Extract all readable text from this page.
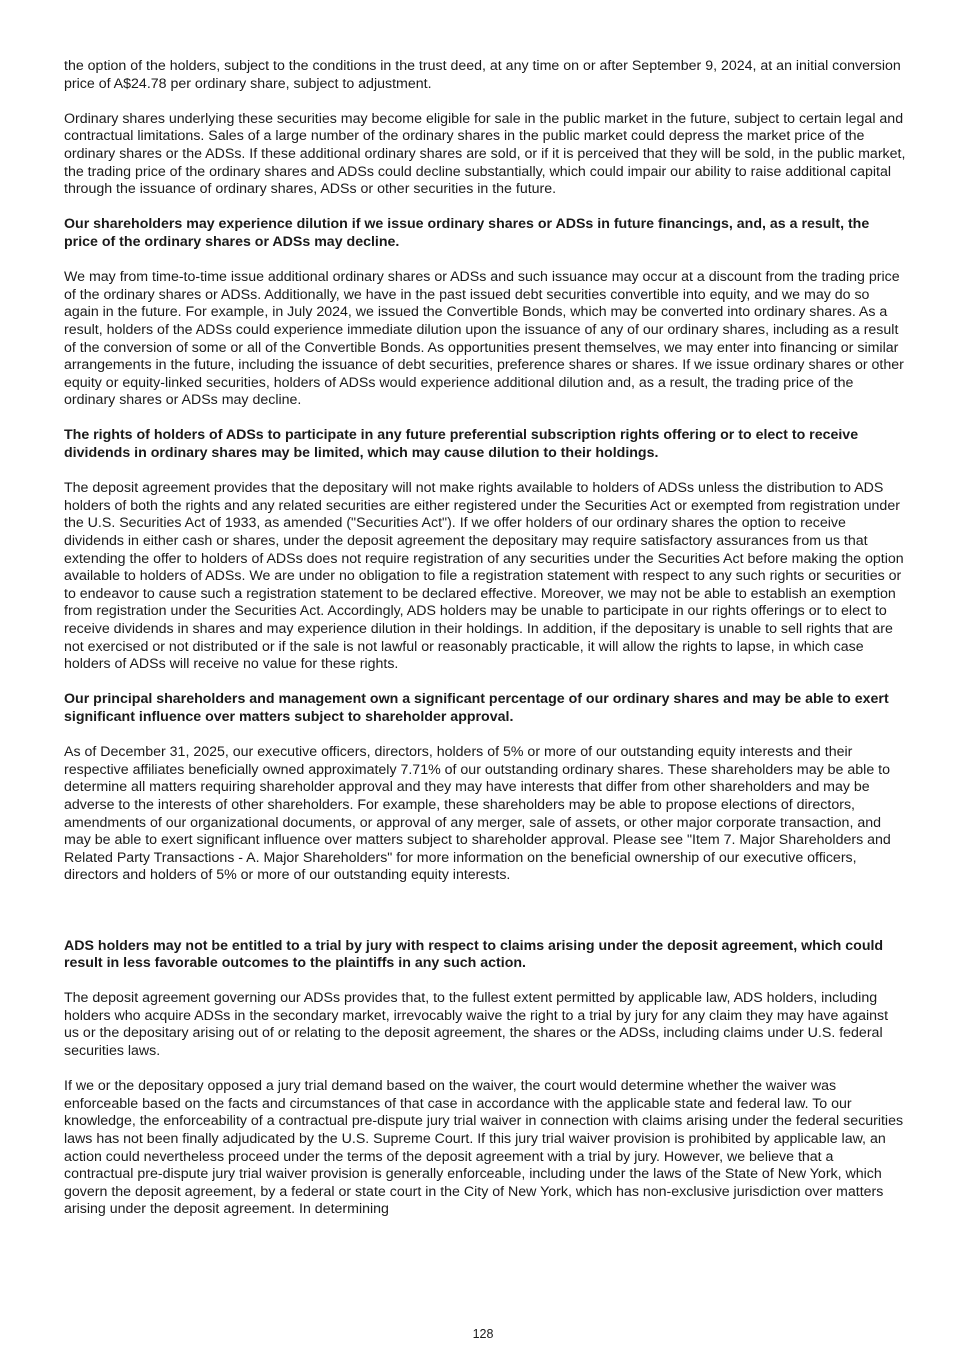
the option of the holders, subject to the conditions in the trust deed, at any time on or after September 9, 2024, at an initial conversion price of A$24.78 per ordinary share, subject to adjustment.

Ordinary shares underlying these securities may become eligible for sale in the public market in the future, subject to certain legal and contractual limitations. Sales of a large number of the ordinary shares in the public market could depress the market price of the ordinary shares or the ADSs. If these additional ordinary shares are sold, or if it is perceived that they will be sold, in the public market, the trading price of the ordinary shares and ADSs could decline substantially, which could impair our ability to raise additional capital through the issuance of ordinary shares, ADSs or other securities in the future.

Our shareholders may experience dilution if we issue ordinary shares or ADSs in future financings, and, as a result, the price of the ordinary shares or ADSs may decline.

We may from time-to-time issue additional ordinary shares or ADSs and such issuance may occur at a discount from the trading price of the ordinary shares or ADSs. Additionally, we have in the past issued debt securities convertible into equity, and we may do so again in the future. For example, in July 2024, we issued the Convertible Bonds, which may be converted into ordinary shares. As a result, holders of the ADSs could experience immediate dilution upon the issuance of any of our ordinary shares, including as a result of the conversion of some or all of the Convertible Bonds. As opportunities present themselves, we may enter into financing or similar arrangements in the future, including the issuance of debt securities, preference shares or shares. If we issue ordinary shares or other equity or equity-linked securities, holders of ADSs would experience additional dilution and, as a result, the trading price of the ordinary shares or ADSs may decline.

The rights of holders of ADSs to participate in any future preferential subscription rights offering or to elect to receive dividends in ordinary shares may be limited, which may cause dilution to their holdings.

The deposit agreement provides that the depositary will not make rights available to holders of ADSs unless the distribution to ADS holders of both the rights and any related securities are either registered under the Securities Act or exempted from registration under the U.S. Securities Act of 1933, as amended ("Securities Act"). If we offer holders of our ordinary shares the option to receive dividends in either cash or shares, under the deposit agreement the depositary may require satisfactory assurances from us that extending the offer to holders of ADSs does not require registration of any securities under the Securities Act before making the option available to holders of ADSs. We are under no obligation to file a registration statement with respect to any such rights or securities or to endeavor to cause such a registration statement to be declared effective. Moreover, we may not be able to establish an exemption from registration under the Securities Act. Accordingly, ADS holders may be unable to participate in our rights offerings or to elect to receive dividends in shares and may experience dilution in their holdings. In addition, if the depositary is unable to sell rights that are not exercised or not distributed or if the sale is not lawful or reasonably practicable, it will allow the rights to lapse, in which case holders of ADSs will receive no value for these rights.

Our principal shareholders and management own a significant percentage of our ordinary shares and may be able to exert significant influence over matters subject to shareholder approval.

As of December 31, 2025, our executive officers, directors, holders of 5% or more of our outstanding equity interests and their respective affiliates beneficially owned approximately 7.71% of our outstanding ordinary shares. These shareholders may be able to determine all matters requiring shareholder approval and they may have interests that differ from other shareholders and may be adverse to the interests of other shareholders. For example, these shareholders may be able to propose elections of directors, amendments of our organizational documents, or approval of any merger, sale of assets, or other major corporate transaction, and may be able to exert significant influence over matters subject to shareholder approval. Please see "Item 7. Major Shareholders and Related Party Transactions - A. Major Shareholders" for more information on the beneficial ownership of our executive officers, directors and holders of 5% or more of our outstanding equity interests.

ADS holders may not be entitled to a trial by jury with respect to claims arising under the deposit agreement, which could result in less favorable outcomes to the plaintiffs in any such action.

The deposit agreement governing our ADSs provides that, to the fullest extent permitted by applicable law, ADS holders, including holders who acquire ADSs in the secondary market, irrevocably waive the right to a trial by jury for any claim they may have against us or the depositary arising out of or relating to the deposit agreement, the shares or the ADSs, including claims under U.S. federal securities laws.

If we or the depositary opposed a jury trial demand based on the waiver, the court would determine whether the waiver was enforceable based on the facts and circumstances of that case in accordance with the applicable state and federal law. To our knowledge, the enforceability of a contractual pre-dispute jury trial waiver in connection with claims arising under the federal securities laws has not been finally adjudicated by the U.S. Supreme Court. If this jury trial waiver provision is prohibited by applicable law, an action could nevertheless proceed under the terms of the deposit agreement with a trial by jury. However, we believe that a contractual pre-dispute jury trial waiver provision is generally enforceable, including under the laws of the State of New York, which govern the deposit agreement, by a federal or state court in the City of New York, which has non-exclusive jurisdiction over matters arising under the deposit agreement. In determining

128
